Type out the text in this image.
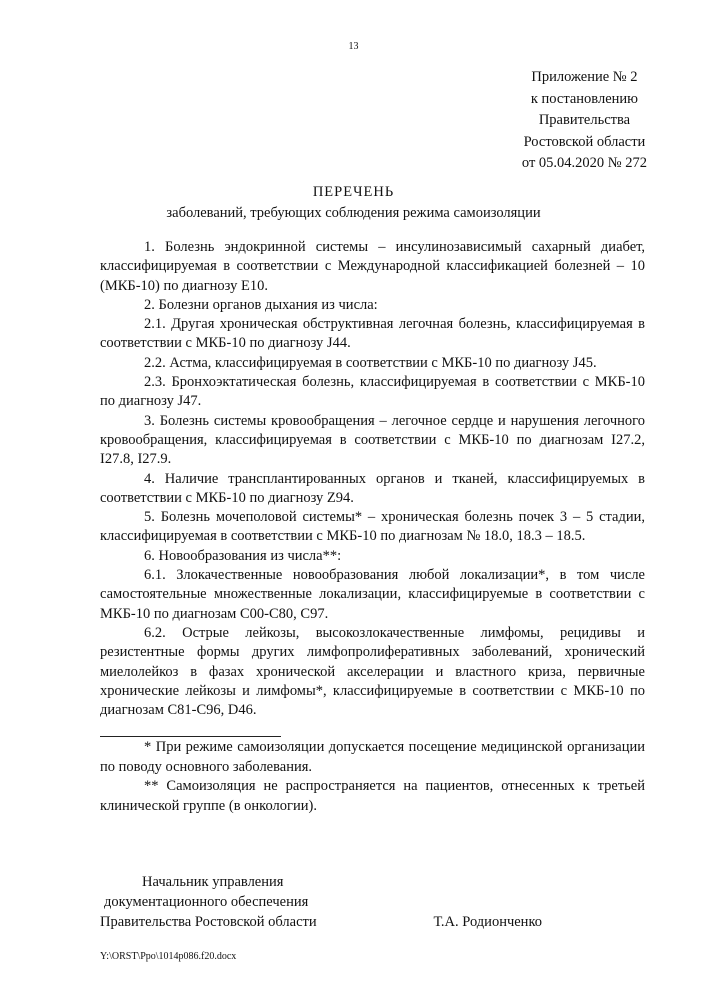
13
Приложение № 2
к постановлению
Правительства
Ростовской области
от 05.04.2020 № 272
ПЕРЕЧЕНЬ
заболеваний, требующих соблюдения режима самоизоляции

1. Болезнь эндокринной системы – инсулинозависимый сахарный диабет, классифицируемая в соответствии с Международной классификацией болезней – 10 (МКБ-10) по диагнозу Е10.

2. Болезни органов дыхания из числа:

2.1. Другая хроническая обструктивная легочная болезнь, классифицируемая в соответствии с МКБ-10 по диагнозу J44.

2.2. Астма, классифицируемая в соответствии с МКБ-10 по диагнозу J45.

2.3. Бронхоэктатическая болезнь, классифицируемая в соответствии с МКБ-10 по диагнозу J47.

3. Болезнь системы кровообращения – легочное сердце и нарушения легочного кровообращения, классифицируемая в соответствии с МКБ-10 по диагнозам I27.2, I27.8, I27.9.

4. Наличие трансплантированных органов и тканей, классифицируемых в соответствии с МКБ-10 по диагнозу Z94.

5. Болезнь мочеполовой системы* – хроническая болезнь почек 3 – 5 стадии, классифицируемая в соответствии с МКБ-10 по диагнозам № 18.0, 18.3 – 18.5.

6. Новообразования из числа**:

6.1. Злокачественные новообразования любой локализации*, в том числе самостоятельные множественные локализации, классифицируемые в соответствии с МКБ-10 по диагнозам С00-С80, С97.

6.2. Острые лейкозы, высокозлокачественные лимфомы, рецидивы и резистентные формы других лимфопролиферативных заболеваний, хронический миелолейкоз в фазах хронической акселерации и властного криза, первичные хронические лейкозы и лимфомы*, классифицируемые в соответствии с МКБ-10 по диагнозам С81-С96, D46.

* При режиме самоизоляции допускается посещение медицинской организации по поводу основного заболевания.

** Самоизоляция не распространяется на пациентов, отнесенных к третьей клинической группе (в онкологии).

Начальник управления
документационного обеспечения
Правительства Ростовской области	Т.А. Родионченко
Y:\ORST\Ppo\1014p086.f20.docx
